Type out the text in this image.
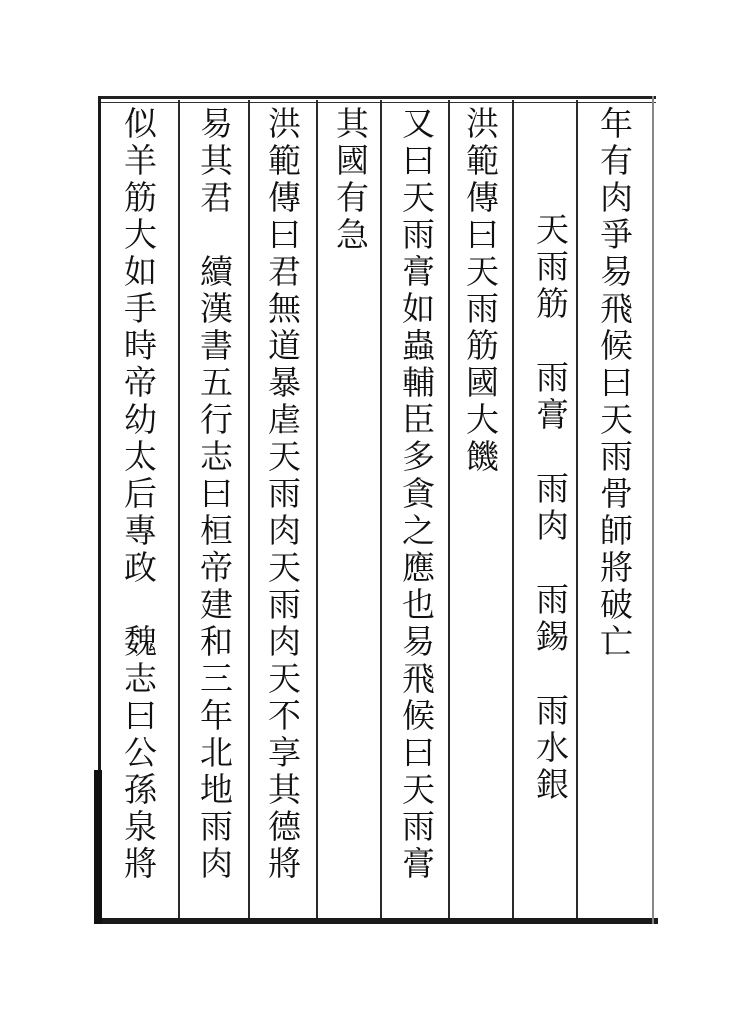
年有肉爭易飛候曰天雨骨師將破亡
天雨筋　雨膏　雨肉　雨錫　雨水銀
洪範傳曰天雨筋國大饑
又曰天雨膏如蟲輔臣多貪之應也易飛候曰天雨膏
其國有急
洪範傳曰君無道暴虐天雨肉天雨肉天不享其德將
易其君　續漢書五行志曰桓帝建和三年北地雨肉
似羊筋大如手時帝幼太后專政　魏志曰公孫泉將
